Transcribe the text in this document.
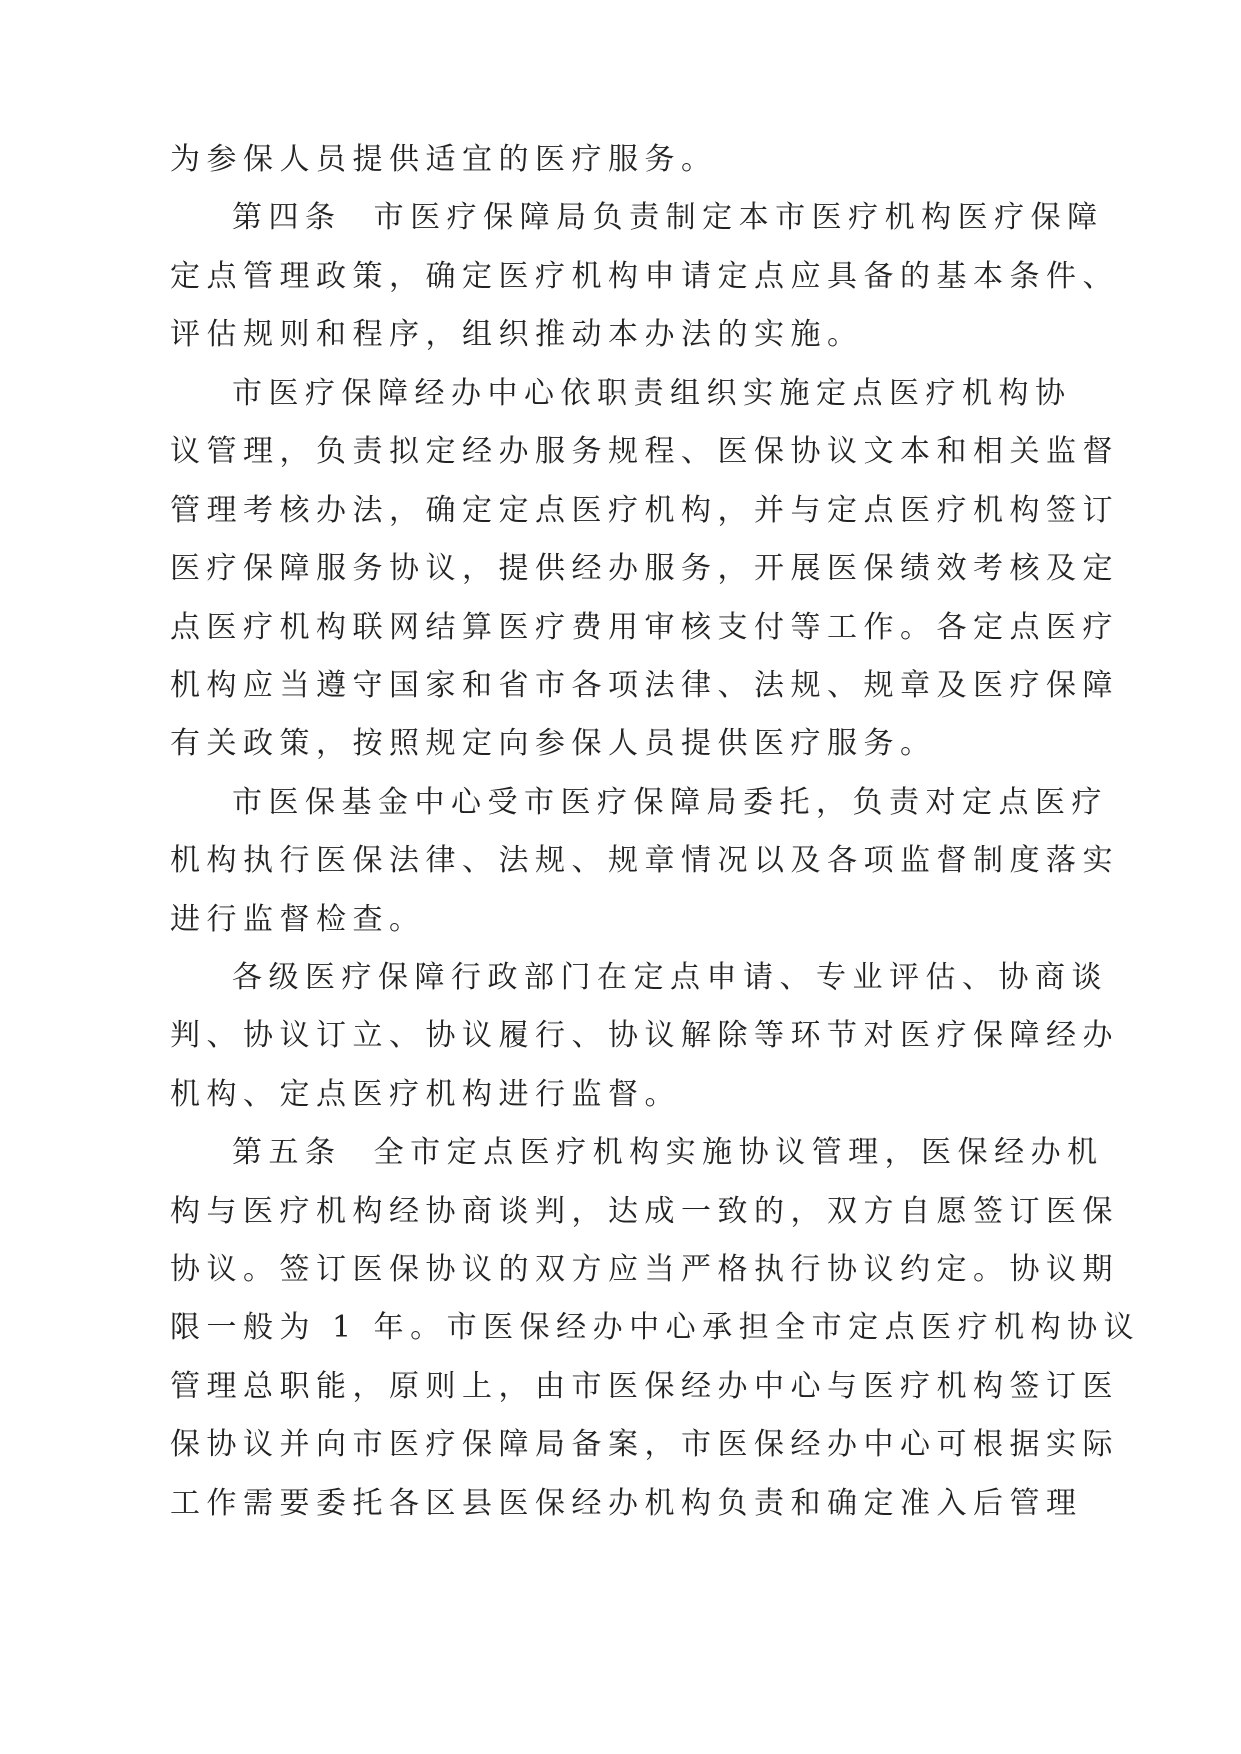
为参保人员提供适宜的医疗服务。

第四条  市医疗保障局负责制定本市医疗机构医疗保障

定点管理政策，确定医疗机构申请定点应具备的基本条件、

评估规则和程序，组织推动本办法的实施。

市医疗保障经办中心依职责组织实施定点医疗机构协

议管理，负责拟定经办服务规程、医保协议文本和相关监督

管理考核办法，确定定点医疗机构，并与定点医疗机构签订

医疗保障服务协议，提供经办服务，开展医保绩效考核及定

点医疗机构联网结算医疗费用审核支付等工作。各定点医疗

机构应当遵守国家和省市各项法律、法规、规章及医疗保障

有关政策，按照规定向参保人员提供医疗服务。

市医保基金中心受市医疗保障局委托，负责对定点医疗

机构执行医保法律、法规、规章情况以及各项监督制度落实

进行监督检查。

各级医疗保障行政部门在定点申请、专业评估、协商谈

判、协议订立、协议履行、协议解除等环节对医疗保障经办

机构、定点医疗机构进行监督。

第五条  全市定点医疗机构实施协议管理，医保经办机

构与医疗机构经协商谈判，达成一致的，双方自愿签订医保

协议。签订医保协议的双方应当严格执行协议约定。协议期

限一般为 1 年。市医保经办中心承担全市定点医疗机构协议

管理总职能，原则上，由市医保经办中心与医疗机构签订医

保协议并向市医疗保障局备案，市医保经办中心可根据实际

工作需要委托各区县医保经办机构负责和确定准入后管理
